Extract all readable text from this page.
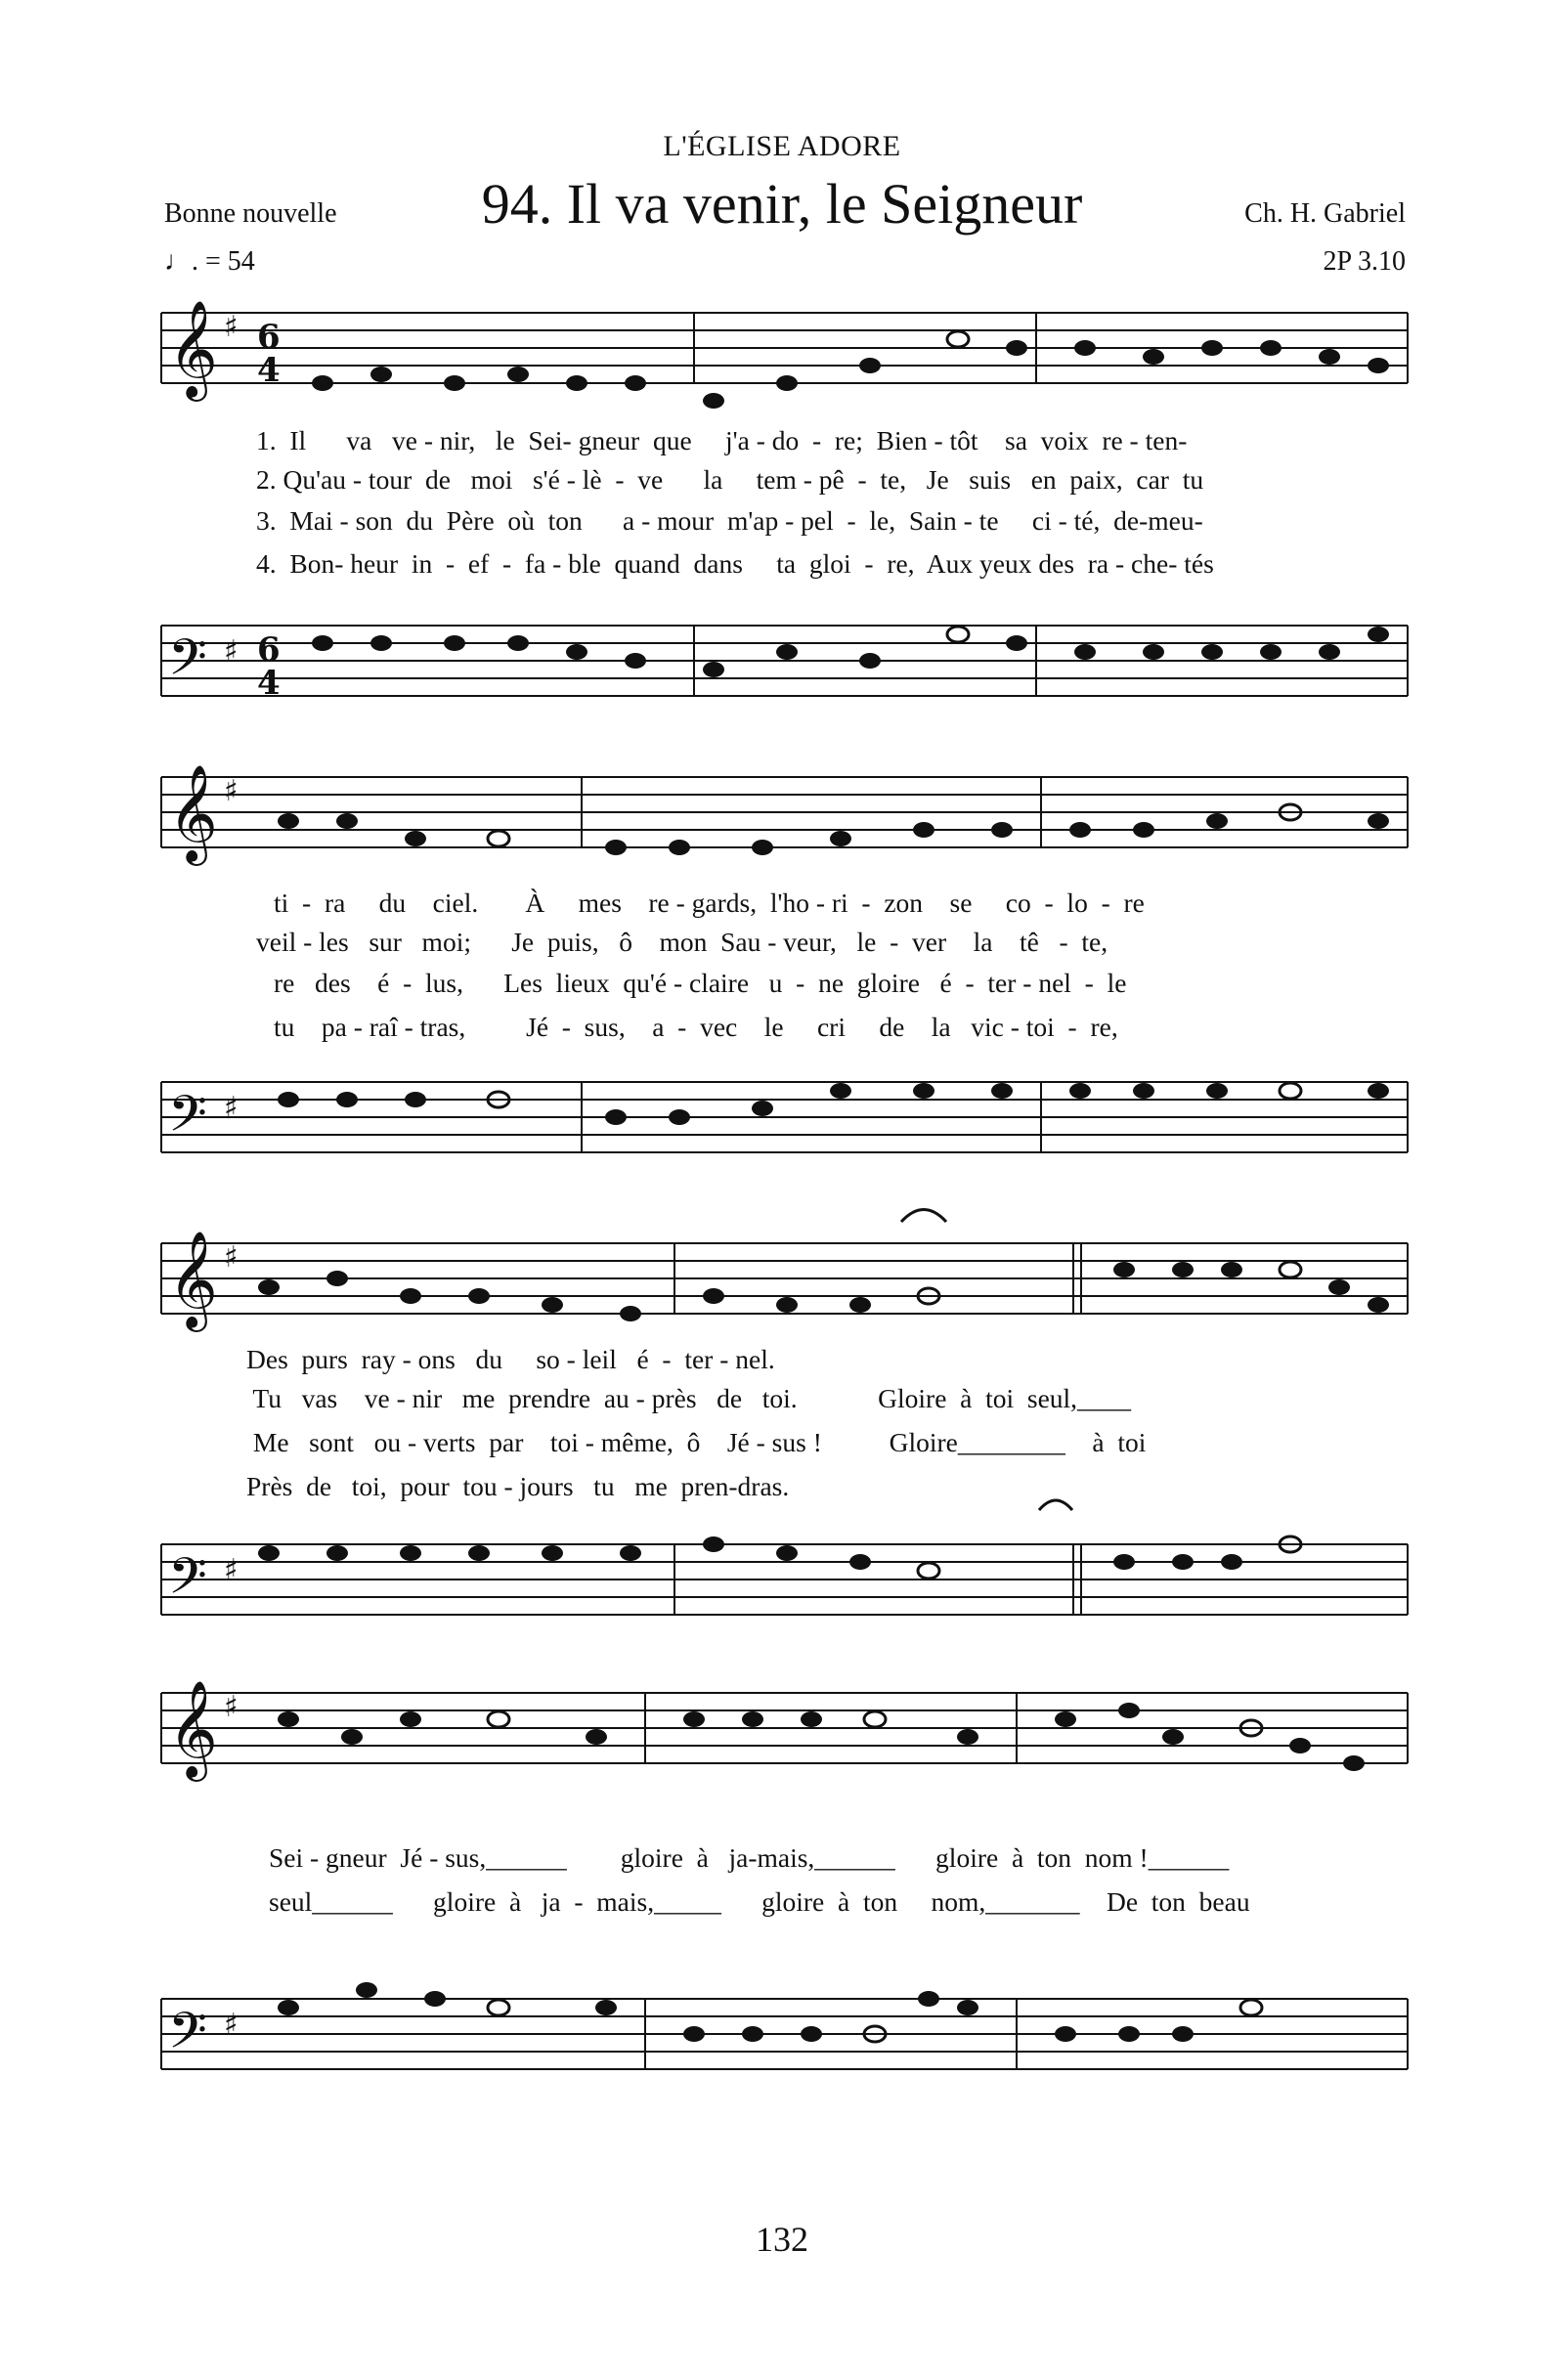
L'ÉGLISE ADORE
Bonne nouvelle	94. Il va venir, le Seigneur	Ch. H. Gabriel
2P 3.10
♩. = 54
𝄞
𝄢
𝄞
𝄢
𝄞
𝄢
𝄞
𝄢
♯ 6
4
♯ 6
4
♯
♯
♯
♯
♯
♯
1.  Il      va   ve - nir,   le  Sei- gneur  que     j'a - do  -  re;  Bien - tôt    sa  voix  re - ten-
2. Qu'au - tour  de   moi   s'é - lè  -  ve      la     tem - pê  -  te,   Je   suis   en  paix,  car  tu
3.  Mai - son  du  Père  où  ton      a - mour  m'ap - pel  -  le,  Sain - te     ci - té,  de-meu-
4.  Bon- heur  in  -  ef  -  fa - ble  quand  dans     ta  gloi  -  re,  Aux yeux des  ra - che- tés
ti  -  ra     du    ciel.       À     mes    re - gards,  l'ho - ri  -  zon    se     co  -  lo  -  re
veil - les   sur   moi;      Je  puis,   ô    mon  Sau - veur,   le  -  ver    la    tê   -  te,
re   des    é  -  lus,      Les  lieux  qu'é - claire   u  -  ne  gloire   é  -  ter - nel  -  le
tu    pa - raî - tras,         Jé  -  sus,    a  -  vec    le     cri     de    la   vic - toi  -  re,
Des  purs  ray - ons   du     so - leil   é  -  ter - nel.
Tu   vas    ve - nir   me  prendre  au - près   de   toi.            Gloire  à  toi  seul,____
Me   sont   ou - verts  par    toi - même,  ô    Jé - sus !          Gloire________    à  toi
Près  de   toi,  pour  tou - jours   tu   me  pren-dras.
Sei - gneur  Jé - sus,______        gloire  à   ja-mais,______      gloire  à  ton  nom !______
seul______      gloire  à   ja  -  mais,_____      gloire  à  ton     nom,_______    De  ton  beau
132
